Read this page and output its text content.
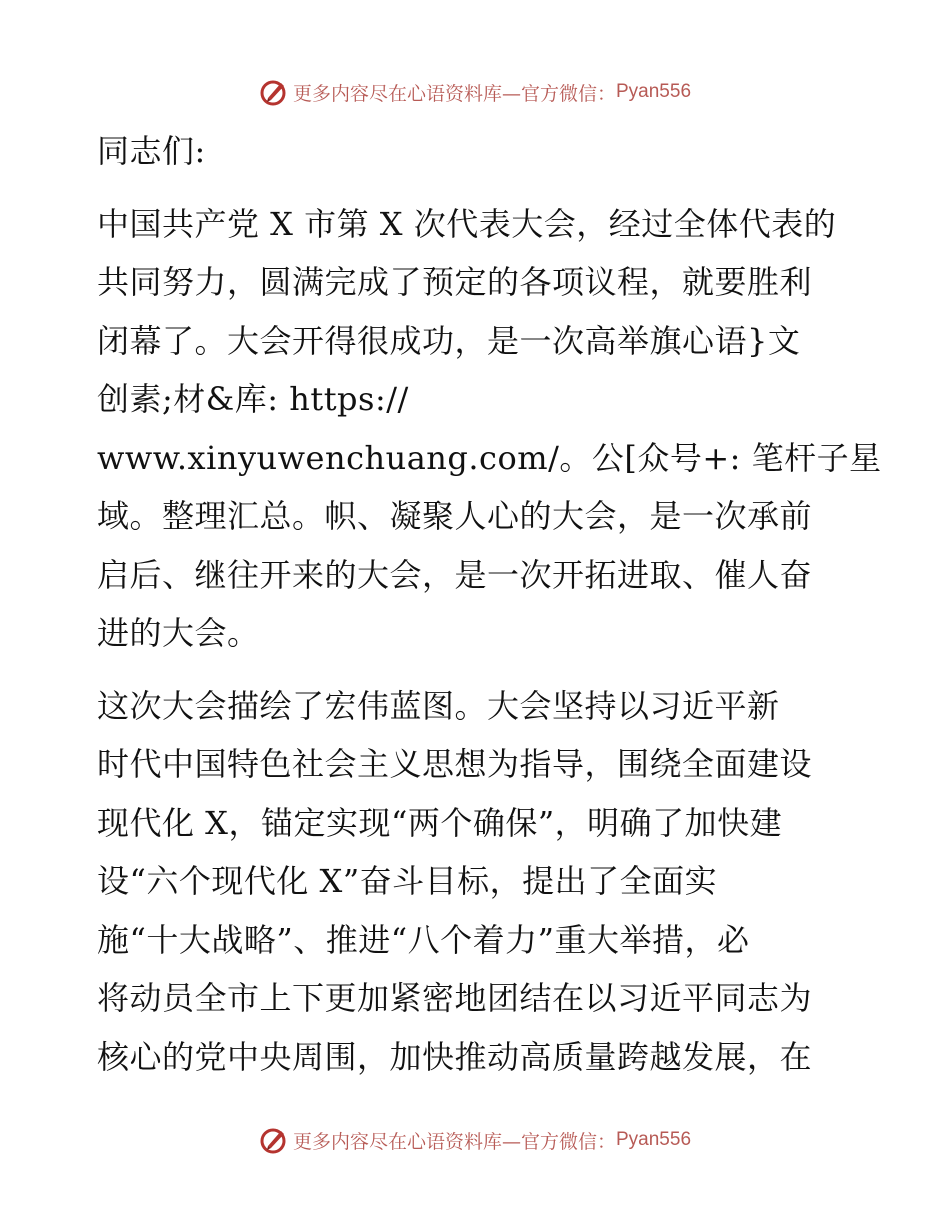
更多内容尽在心语资料库—官方微信： Pyan556
同志们:
中国共产党 X 市第 X 次代表大会，经过全体代表的
共同努力，圆满完成了预定的各项议程，就要胜利
闭幕了。大会开得很成功，是一次高举旗心语}文
创素;材&库: https://
www.xinyuwenchuang.com/。公[众号+: 笔杆子星
域。整理汇总。帜、凝聚人心的大会，是一次承前
启后、继往开来的大会，是一次开拓进取、催人奋
进的大会。
这次大会描绘了宏伟蓝图。大会坚持以习近平新
时代中国特色社会主义思想为指导，围绕全面建设
现代化 X，锚定实现“两个确保”，明确了加快建
设“六个现代化 X”奋斗目标，提出了全面实
施“十大战略”、推进“八个着力”重大举措，必
将动员全市上下更加紧密地团结在以习近平同志为
核心的党中央周围，加快推动高质量跨越发展，在
更多内容尽在心语资料库—官方微信： Pyan556
